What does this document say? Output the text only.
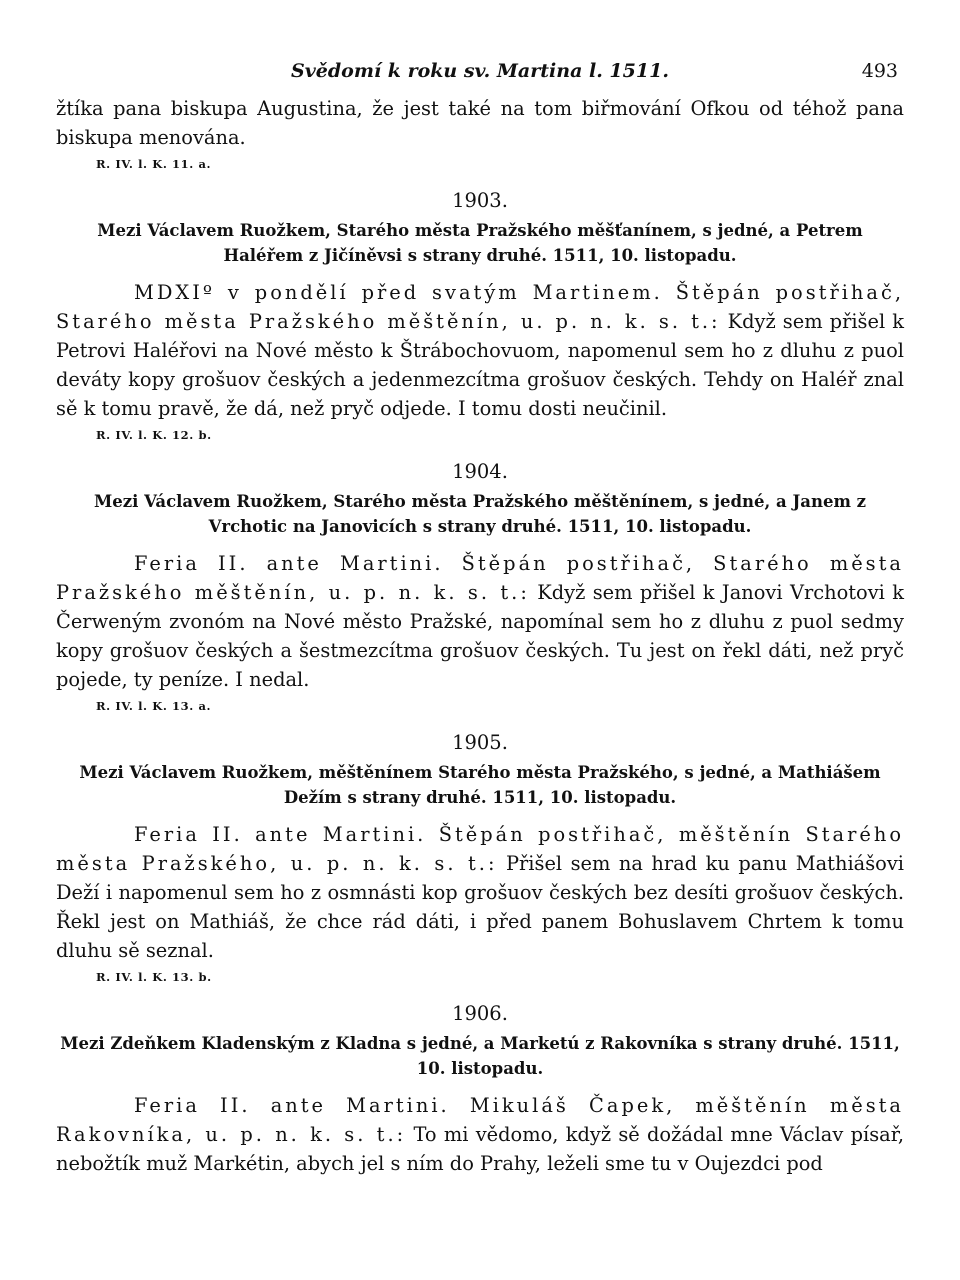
Svědomí k roku sv. Martina l. 1511.	493

žtíka pana biskupa Augustina, že jest také na tom biřmování Ofkou od téhož pana biskupa menována.

R. IV. l. K. 11. a.
1903.
Mezi Václavem Ruožkem, Starého města Pražského měšťanínem, s jedné, a Petrem Haléřem z Jičíněvsi s strany druhé. 1511, 10. listopadu.

MDXIº v pondělí před svatým Martinem. Štěpán postřihač, Starého města Pražského měštěnín, u. p. n. k. s. t.: Když sem přišel k Petrovi Haléřovi na Nové město k Štrábochovuom, napomenul sem ho z dluhu z puol deváty kopy grošuov českých a jedenmezcítma grošuov českých. Tehdy on Haléř znal sě k tomu pravě, že dá, než pryč odjede. I tomu dosti neučinil.

R. IV. l. K. 12. b.
1904.
Mezi Václavem Ruožkem, Starého města Pražského měštěnínem, s jedné, a Janem z Vrchotic na Janovicích s strany druhé. 1511, 10. listopadu.

Feria II. ante Martini. Štěpán postřihač, Starého města Pražského měštěnín, u. p. n. k. s. t.: Když sem přišel k Janovi Vrchotovi k Čerweným zvonóm na Nové město Pražské, napomínal sem ho z dluhu z puol sedmy kopy grošuov českých a šestmezcítma grošuov českých. Tu jest on řekl dáti, než pryč pojede, ty peníze. I nedal.

R. IV. l. K. 13. a.
1905.
Mezi Václavem Ruožkem, měštěnínem Starého města Pražského, s jedné, a Mathiášem Dežím s strany druhé. 1511, 10. listopadu.

Feria II. ante Martini. Štěpán postřihač, měštěnín Starého města Pražského, u. p. n. k. s. t.: Přišel sem na hrad ku panu Mathiášovi Deží i napomenul sem ho z osmnásti kop grošuov českých bez desíti grošuov českých. Řekl jest on Mathiáš, že chce rád dáti, i před panem Bohuslavem Chrtem k tomu dluhu sě seznal.

R. IV. l. K. 13. b.
1906.
Mezi Zdeňkem Kladenským z Kladna s jedné, a Marketú z Rakovníka s strany druhé. 1511, 10. listopadu.

Feria II. ante Martini. Mikuláš Čapek, měštěnín města Rakovníka, u. p. n. k. s. t.: To mi vědomo, když sě dožádal mne Václav písař, nebožtík muž Markétin, abych jel s ním do Prahy, leželi sme tu v Oujezdci pod
